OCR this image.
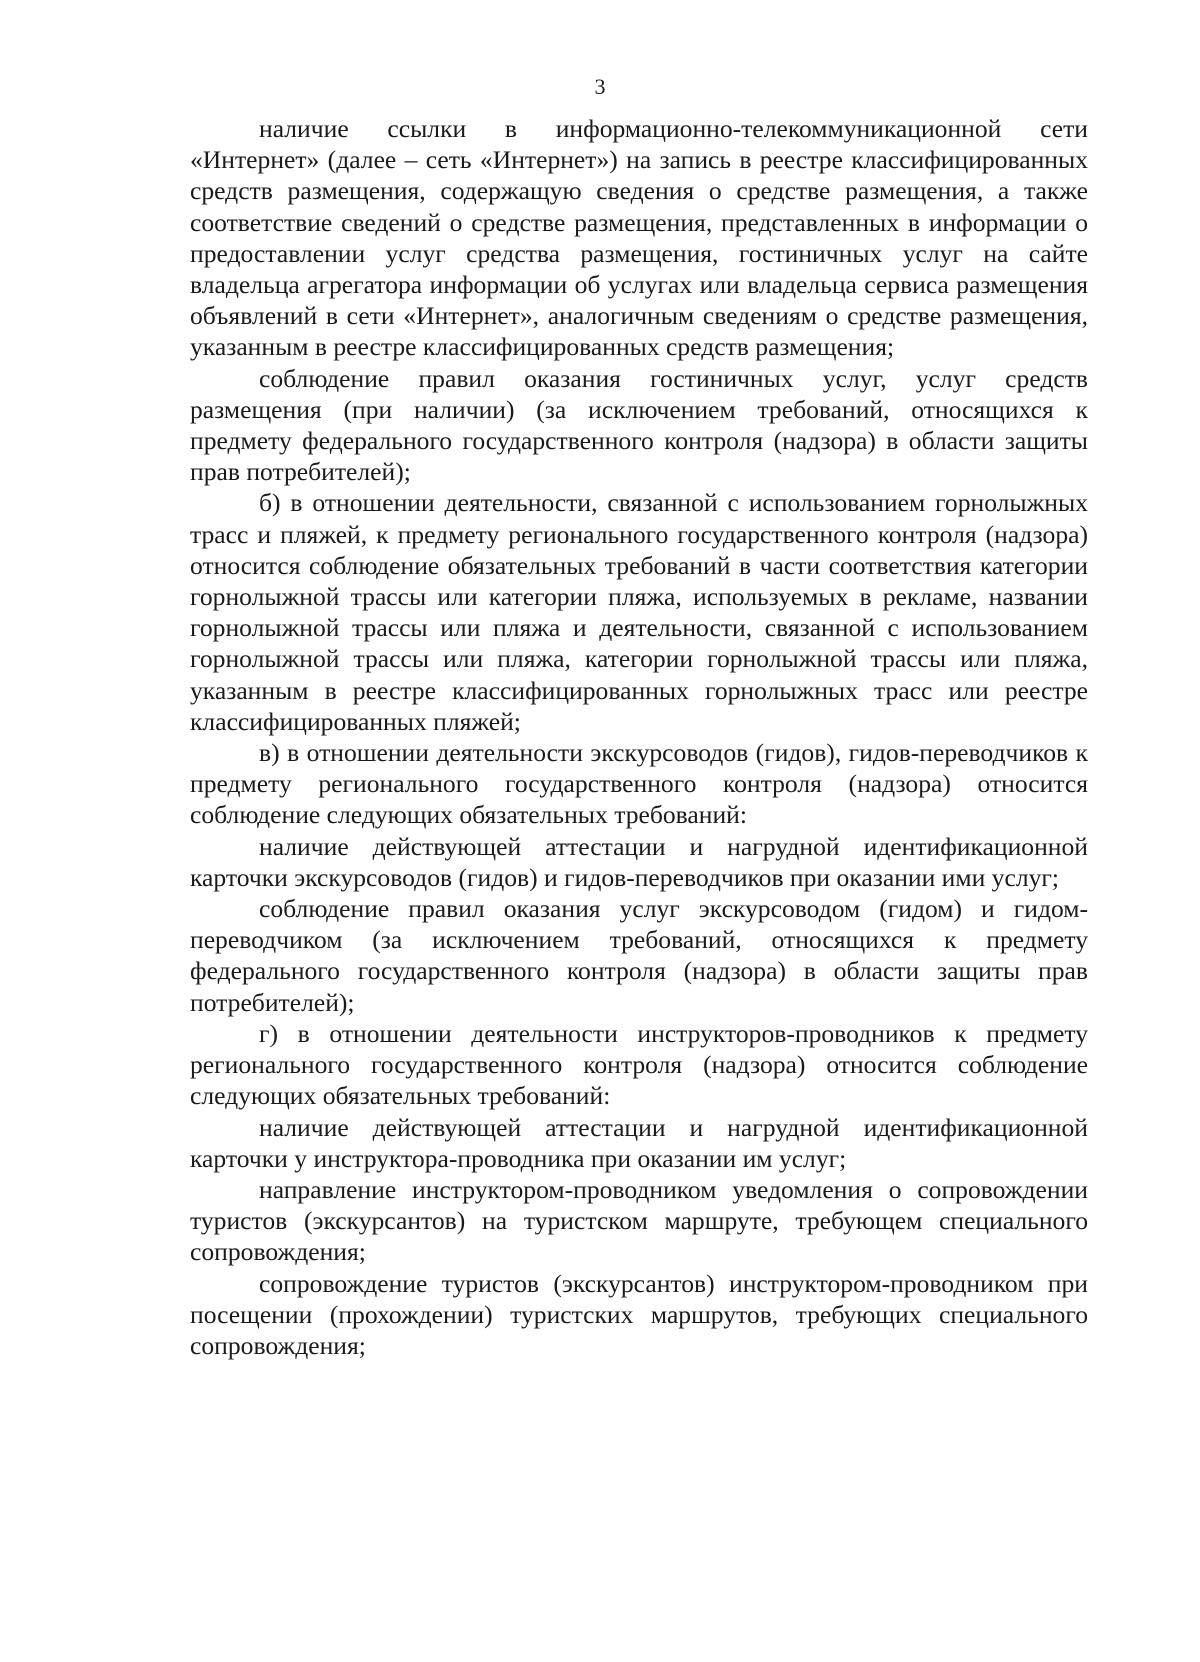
3

наличие ссылки в информационно-телекоммуникационной сети «Интернет» (далее – сеть «Интернет») на запись в реестре классифицированных средств размещения, содержащую сведения о средстве размещения, а также соответствие сведений о средстве размещения, представленных в информации о предоставлении услуг средства размещения, гостиничных услуг на сайте владельца агрегатора информации об услугах или владельца сервиса размещения объявлений в сети «Интернет», аналогичным сведениям о средстве размещения, указанным в реестре классифицированных средств размещения;

соблюдение правил оказания гостиничных услуг, услуг средств размещения (при наличии) (за исключением требований, относящихся к предмету федерального государственного контроля (надзора) в области защиты прав потребителей);

б) в отношении деятельности, связанной с использованием горнолыжных трасс и пляжей, к предмету регионального государственного контроля (надзора) относится соблюдение обязательных требований в части соответствия категории горнолыжной трассы или категории пляжа, используемых в рекламе, названии горнолыжной трассы или пляжа и деятельности, связанной с использованием горнолыжной трассы или пляжа, категории горнолыжной трассы или пляжа, указанным в реестре классифицированных горнолыжных трасс или реестре классифицированных пляжей;

в) в отношении деятельности экскурсоводов (гидов), гидов-переводчиков к предмету регионального государственного контроля (надзора) относится соблюдение следующих обязательных требований:

наличие действующей аттестации и нагрудной идентификационной карточки экскурсоводов (гидов) и гидов-переводчиков при оказании ими услуг;

соблюдение правил оказания услуг экскурсоводом (гидом) и гидом-переводчиком (за исключением требований, относящихся к предмету федерального государственного контроля (надзора) в области защиты прав потребителей);

г) в отношении деятельности инструкторов-проводников к предмету регионального государственного контроля (надзора) относится соблюдение следующих обязательных требований:

наличие действующей аттестации и нагрудной идентификационной карточки у инструктора-проводника при оказании им услуг;

направление инструктором-проводником уведомления о сопровождении туристов (экскурсантов) на туристском маршруте, требующем специального сопровождения;

сопровождение туристов (экскурсантов) инструктором-проводником при посещении (прохождении) туристских маршрутов, требующих специального сопровождения;
